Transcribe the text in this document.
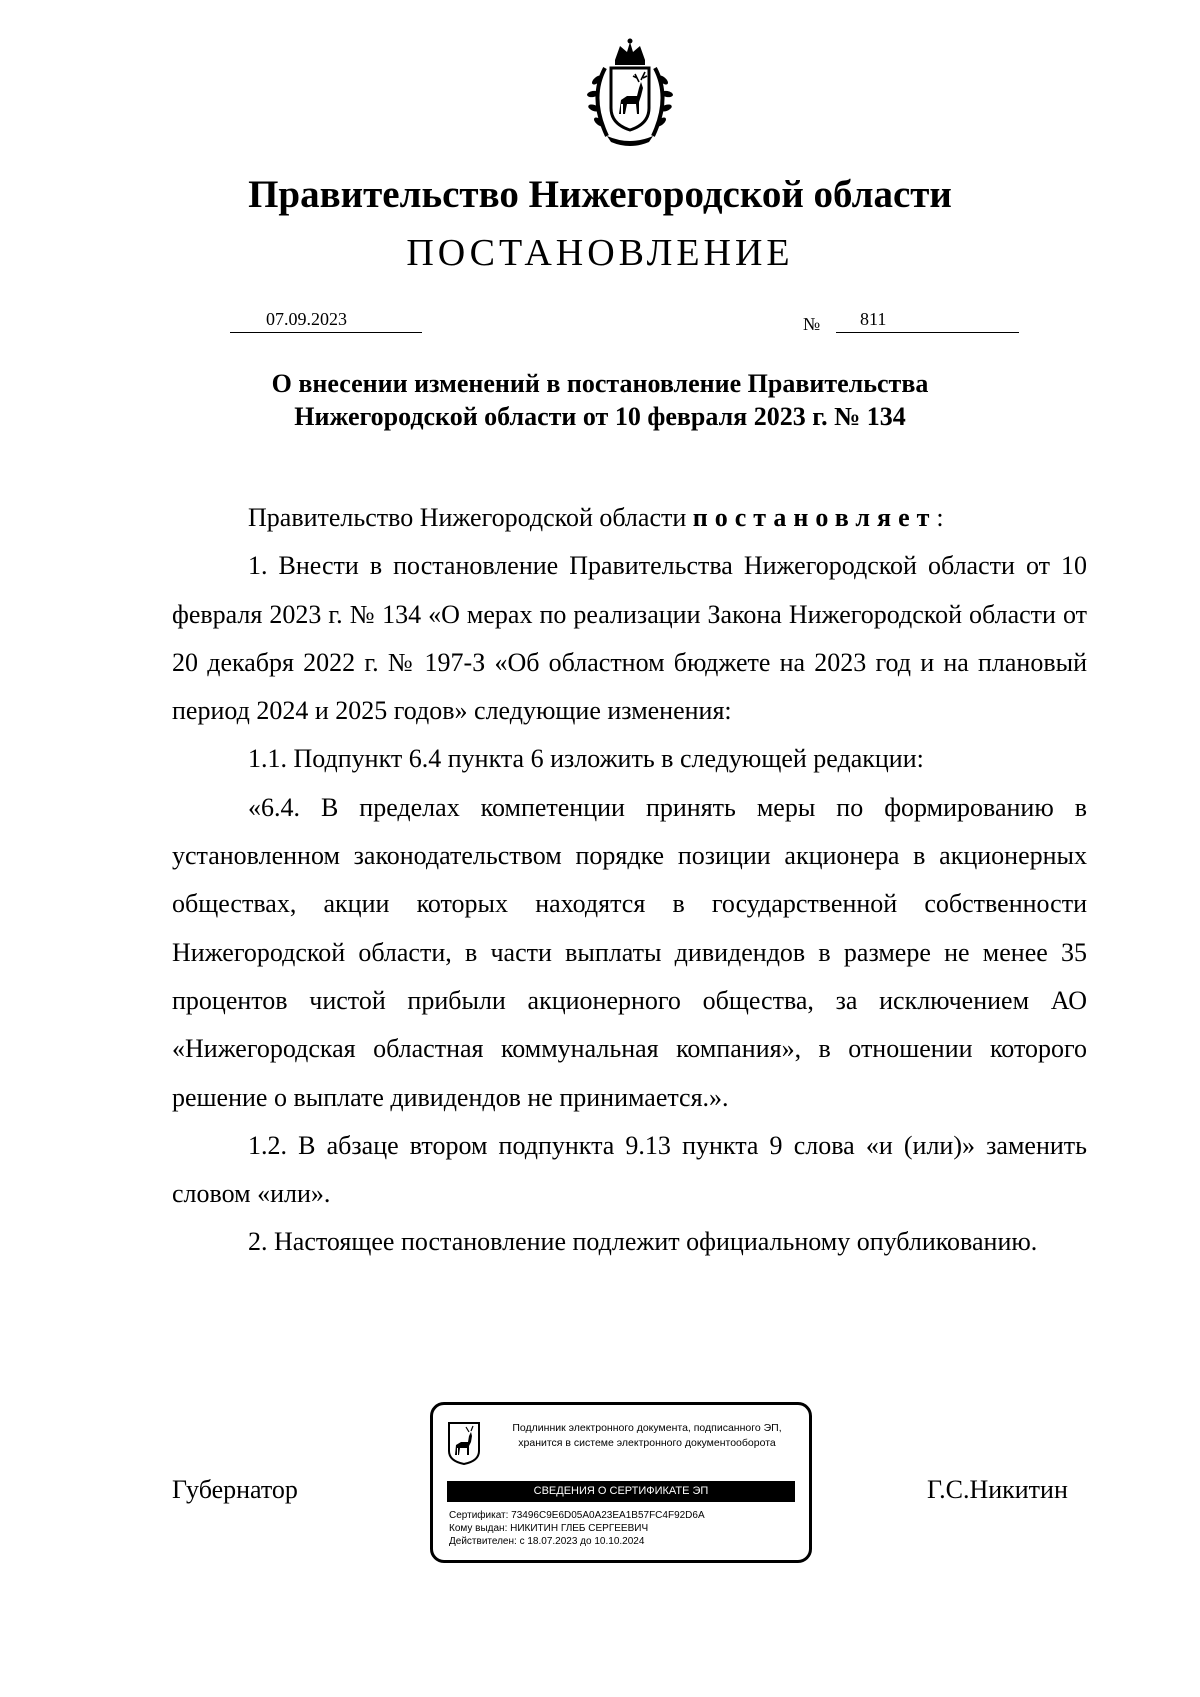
Правительство Нижегородской области
ПОСТАНОВЛЕНИЕ
07.09.2023	№	811
О внесении изменений в постановление Правительства
Нижегородской области от 10 февраля 2023 г. № 134

Правительство Нижегородской области постановляет:

1. Внести в постановление Правительства Нижегородской области от 10 февраля 2023 г. № 134 «О мерах по реализации Закона Нижегородской области от 20 декабря 2022 г. № 197-З «Об областном бюджете на 2023 год и на плановый период 2024 и 2025 годов» следующие изменения:

1.1. Подпункт 6.4 пункта 6 изложить в следующей редакции:

«6.4. В пределах компетенции принять меры по формированию в установленном законодательством порядке позиции акционера в акционерных обществах, акции которых находятся в государственной собственности Нижегородской области, в части выплаты дивидендов в размере не менее 35 процентов чистой прибыли акционерного общества, за исключением АО «Нижегородская областная коммунальная компания», в отношении которого решение о выплате дивидендов не принимается.».

1.2. В абзаце втором подпункта 9.13 пункта 9 слова «и (или)» заменить словом «или».

2. Настоящее постановление подлежит официальному опубликованию.

Губернатор	Г.С.Никитин
Подлинник электронного документа, подписанного ЭП,
хранится в системе электронного документооборота
СВЕДЕНИЯ О СЕРТИФИКАТЕ ЭП
Сертификат: 73496C9E6D05A0A23EA1B57FC4F92D6A
Кому выдан: НИКИТИН ГЛЕБ СЕРГЕЕВИЧ
Действителен: с 18.07.2023 до 10.10.2024
